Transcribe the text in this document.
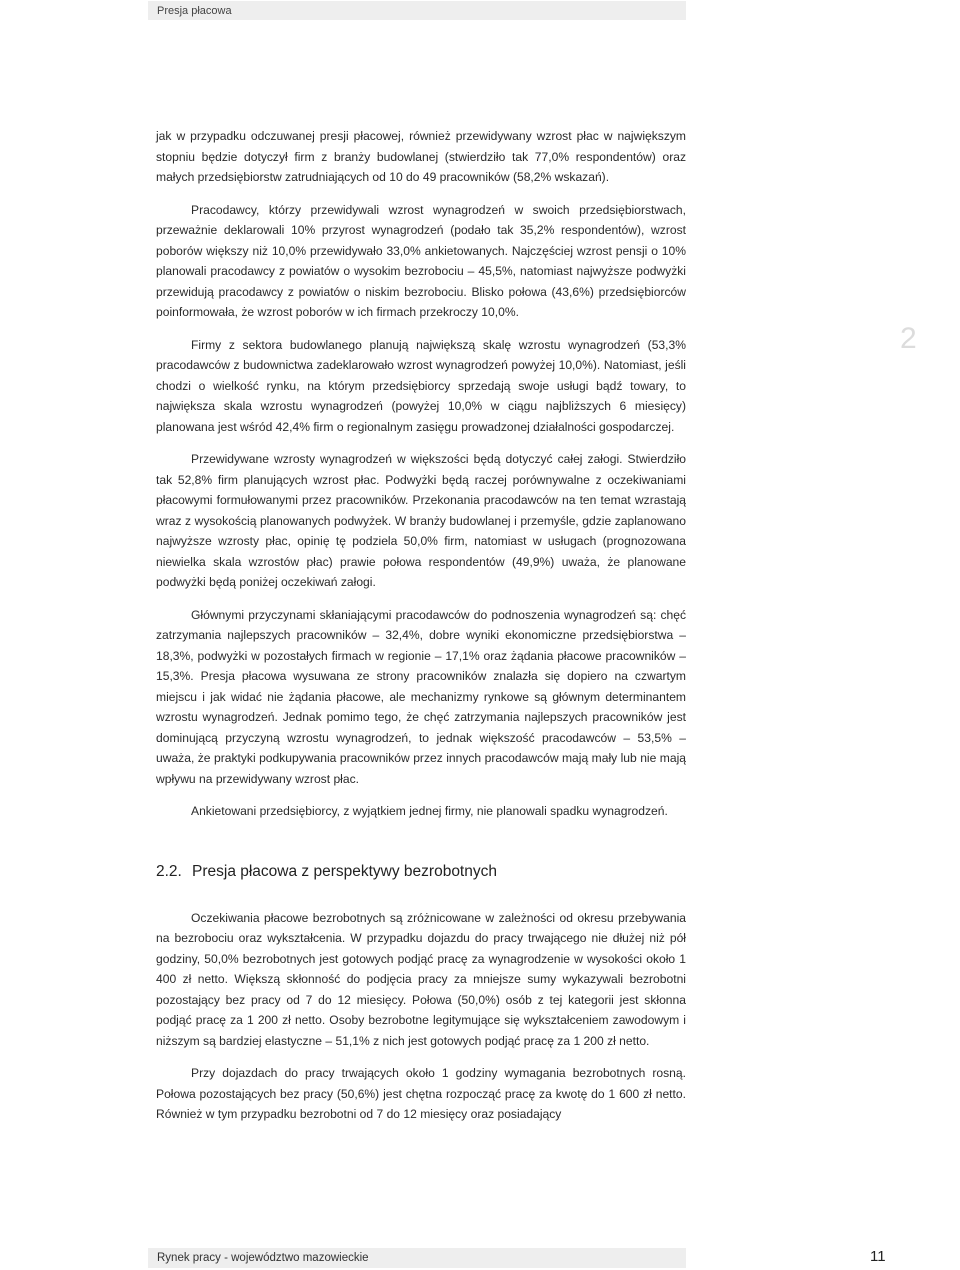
Presja płacowa
2

jak w przypadku odczuwanej presji płacowej, również przewidywany wzrost płac w największym stopniu będzie dotyczył firm z branży budowlanej (stwierdziło tak 77,0% respondentów) oraz małych przedsiębiorstw zatrudniających od 10 do 49 pracowników (58,2% wskazań).

Pracodawcy, którzy przewidywali wzrost wynagrodzeń w swoich przedsiębiorstwach, przeważnie deklarowali 10% przyrost wynagrodzeń (podało tak 35,2% respondentów), wzrost poborów większy niż 10,0% przewidywało 33,0% ankietowanych. Najczęściej wzrost pensji o 10% planowali pracodawcy z powiatów o wysokim bezrobociu – 45,5%, natomiast najwyższe podwyżki przewidują pracodawcy z powiatów o niskim bezrobociu. Blisko połowa (43,6%) przedsiębiorców poinformowała, że wzrost poborów w ich firmach przekroczy 10,0%.

Firmy z sektora budowlanego planują największą skalę wzrostu wynagrodzeń (53,3% pracodawców z budownictwa zadeklarowało wzrost wynagrodzeń powyżej 10,0%). Natomiast, jeśli chodzi o wielkość rynku, na którym przedsiębiorcy sprzedają swoje usługi bądź towary, to największa skala wzrostu wynagrodzeń (powyżej 10,0% w ciągu najbliższych 6 miesięcy) planowana jest wśród 42,4% firm o regionalnym zasięgu prowadzonej działalności gospodarczej.

Przewidywane wzrosty wynagrodzeń w większości będą dotyczyć całej załogi. Stwierdziło tak 52,8% firm planujących wzrost płac. Podwyżki będą raczej porównywalne z oczekiwaniami płacowymi formułowanymi przez pracowników. Przekonania pracodawców na ten temat wzrastają wraz z wysokością planowanych podwyżek. W branży budowlanej i przemyśle, gdzie zaplanowano najwyższe wzrosty płac, opinię tę podziela 50,0% firm, natomiast w usługach (prognozowana niewielka skala wzrostów płac) prawie połowa respondentów (49,9%) uważa, że planowane podwyżki będą poniżej oczekiwań załogi.

Głównymi przyczynami skłaniającymi pracodawców do podnoszenia wynagrodzeń są: chęć zatrzymania najlepszych pracowników – 32,4%, dobre wyniki ekonomiczne przedsiębiorstwa –18,3%, podwyżki w pozostałych firmach w regionie – 17,1% oraz żądania płacowe pracowników – 15,3%. Presja płacowa wysuwana ze strony pracowników znalazła się dopiero na czwartym miejscu i jak widać nie żądania płacowe, ale mechanizmy rynkowe są głównym determinantem wzrostu wynagrodzeń. Jednak pomimo tego, że chęć zatrzymania najlepszych pracowników jest dominującą przyczyną wzrostu wynagrodzeń, to jednak większość pracodawców – 53,5% – uważa, że praktyki podkupywania pracowników przez innych pracodawców mają mały lub nie mają wpływu na przewidywany wzrost płac.

Ankietowani przedsiębiorcy, z wyjątkiem jednej firmy, nie planowali spadku wynagrodzeń.

2.2. Presja płacowa z perspektywy bezrobotnych

Oczekiwania płacowe bezrobotnych są zróżnicowane w zależności od okresu przebywania na bezrobociu oraz wykształcenia. W przypadku dojazdu do pracy trwającego nie dłużej niż pół godziny, 50,0% bezrobotnych jest gotowych podjąć pracę za wynagrodzenie w wysokości około 1 400 zł netto. Większą skłonność do podjęcia pracy za mniejsze sumy wykazywali bezrobotni pozostający bez pracy od 7 do 12 miesięcy. Połowa (50,0%) osób z tej kategorii jest skłonna podjąć pracę za 1 200 zł netto. Osoby bezrobotne legitymujące się wykształceniem zawodowym i niższym są bardziej elastyczne – 51,1% z nich jest gotowych podjąć pracę za 1 200 zł netto.

Przy dojazdach do pracy trwających około 1 godziny wymagania bezrobotnych rosną. Połowa pozostających bez pracy (50,6%) jest chętna rozpocząć pracę za kwotę do 1 600 zł netto. Również w tym przypadku bezrobotni od 7 do 12 miesięcy oraz posiadający

Rynek pracy - województwo mazowieckie	11
